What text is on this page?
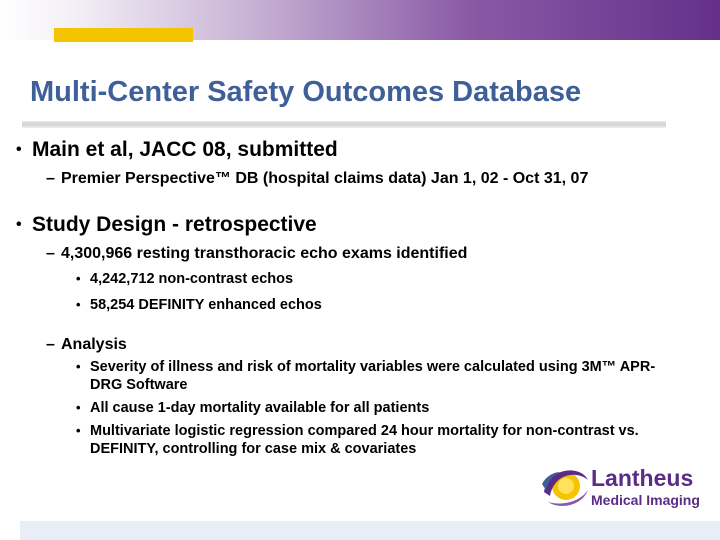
Multi-Center Safety Outcomes Database
• Main et al, JACC 08, submitted
– Premier Perspective™ DB (hospital claims data) Jan 1, 02 - Oct 31, 07
• Study Design - retrospective
– 4,300,966 resting transthoracic echo exams identified
• 4,242,712 non-contrast echos
• 58,254 DEFINITY enhanced echos
– Analysis
• Severity of illness and risk of mortality variables were calculated using 3M™ APR-DRG Software
• All cause 1-day mortality available for all patients
• Multivariate logistic regression compared 24 hour mortality for non-contrast vs. DEFINITY, controlling for case mix & covariates
Lantheus
Medical Imaging
